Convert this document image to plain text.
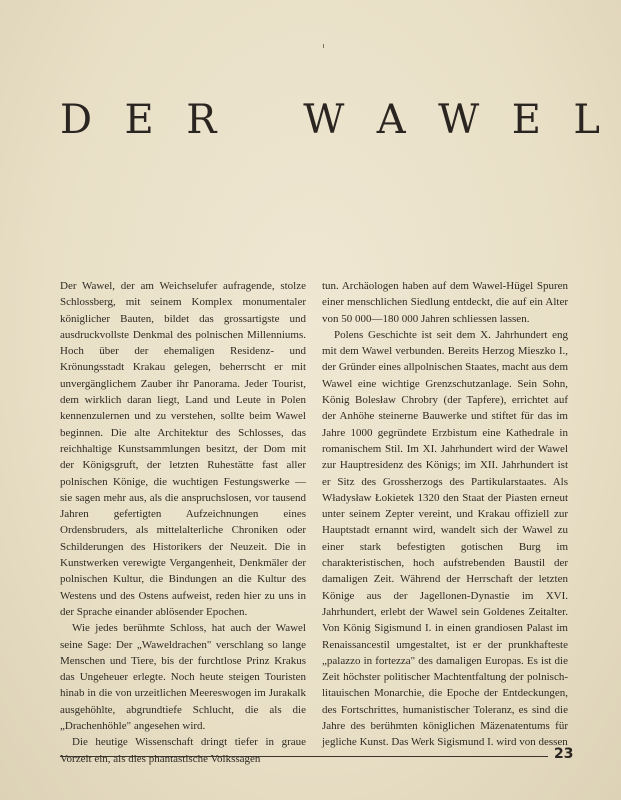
D E R W A W E L

Der Wawel, der am Weichselufer aufragende, stolze Schlossberg, mit seinem Komplex monumentaler königlicher Bauten, bildet das grossartigste und ausdruckvollste Denkmal des polnischen Millenniums. Hoch über der ehemaligen Residenz- und Krönungsstadt Krakau gelegen, beherrscht er mit unvergänglichem Zauber ihr Panorama. Jeder Tourist, dem wirklich daran liegt, Land und Leute in Polen kennenzulernen und zu verstehen, sollte beim Wawel beginnen. Die alte Architektur des Schlosses, das reichhaltige Kunstsammlungen besitzt, der Dom mit der Königsgruft, der letzten Ruhestätte fast aller polnischen Könige, die wuchtigen Festungswerke — sie sagen mehr aus, als die anspruchslosen, vor tausend Jahren gefertigten Aufzeichnungen eines Ordensbruders, als mittelalterliche Chroniken oder Schilderungen des Historikers der Neuzeit. Die in Kunstwerken verewigte Vergangenheit, Denkmäler der polnischen Kultur, die Bindungen an die Kultur des Westens und des Ostens aufweist, reden hier zu uns in der Sprache einander ablösender Epochen.

Wie jedes berühmte Schloss, hat auch der Wawel seine Sage: Der „Waweldrachen" verschlang so lange Menschen und Tiere, bis der furchtlose Prinz Krakus das Ungeheuer erlegte. Noch heute steigen Touristen hinab in die von urzeitlichen Meereswogen im Jurakalk ausgehöhlte, abgrundtiefe Schlucht, die als die „Drachenhöhle" angesehen wird.

Die heutige Wissenschaft dringt tiefer in graue Vorzeit ein, als dies phantastische Volkssagen

tun. Archäologen haben auf dem Wawel-Hügel Spuren einer menschlichen Siedlung entdeckt, die auf ein Alter von 50 000—180 000 Jahren schliessen lassen.

Polens Geschichte ist seit dem X. Jahrhundert eng mit dem Wawel verbunden. Bereits Herzog Mieszko I., der Gründer eines allpolnischen Staates, macht aus dem Wawel eine wichtige Grenzschutzanlage. Sein Sohn, König Bolesław Chrobry (der Tapfere), errichtet auf der Anhöhe steinerne Bauwerke und stiftet für das im Jahre 1000 gegründete Erzbistum eine Kathedrale in romanischem Stil. Im XI. Jahrhundert wird der Wawel zur Hauptresidenz des Königs; im XII. Jahrhundert ist er Sitz des Grossherzogs des Partikularstaates. Als Władysław Łokietek 1320 den Staat der Piasten erneut unter seinem Zepter vereint, und Krakau offiziell zur Hauptstadt ernannt wird, wandelt sich der Wawel zu einer stark befestigten gotischen Burg im charakteristischen, hoch aufstrebenden Baustil der damaligen Zeit. Während der Herrschaft der letzten Könige aus der Jagellonen-Dynastie im XVI. Jahrhundert, erlebt der Wawel sein Goldenes Zeitalter. Von König Sigismund I. in einen grandiosen Palast im Renaissancestil umgestaltet, ist er der prunkhafteste „palazzo in fortezza" des damaligen Europas. Es ist die Zeit höchster politischer Machtentfaltung der polnisch-litauischen Monarchie, die Epoche der Entdeckungen, des Fortschrittes, humanistischer Toleranz, es sind die Jahre des berühmten königlichen Mäzenatentums für jegliche Kunst. Das Werk Sigismund I. wird von dessen

23
